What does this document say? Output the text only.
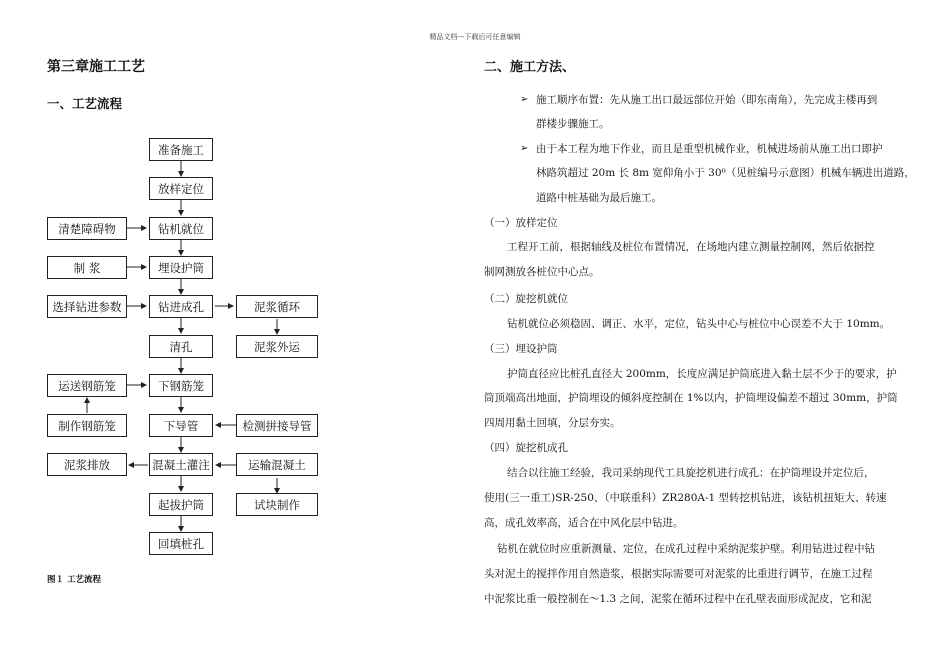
精品文档---下载后可任意编辑
第三章施工工艺
一、工艺流程
二、施工方法、
准备施工
放样定位
钻机就位
埋设护筒
钻进成孔
清孔
下钢筋笼
下导管
混凝土灌注
起拔护筒
回填桩孔
清楚障碍物
制 浆
选择钻进参数
运送钢筋笼
制作钢筋笼
泥浆排放
泥浆循环
泥浆外运
检测拼接导管
运输混凝土
试块制作
图１ 工艺流程
➢ 施工顺序布置：先从施工出口最远部位开始（即东南角），先完成主楼再到
群楼步骤施工。
➢ 由于本工程为地下作业，而且是重型机械作业，机械进场前从施工出口即护
林路筑超过 20m 长 8m 宽仰角小于 30⁰（见桩编号示意图）机械车辆进出道路，
道路中桩基础为最后施工。
（一）放样定位
工程开工前，根据轴线及桩位布置情况，在场地内建立测量控制网，然后依据控
制网测放各桩位中心点。
（二）旋挖机就位
钻机就位必须稳固、调正、水平，定位，钻头中心与桩位中心误差不大于 10mm。
（三）埋设护筒
护筒直径应比桩孔直径大 200mm，长度应满足护筒底进入黏土层不少于的要求，护
筒顶端高出地面，护筒埋设的倾斜度控制在 1%以内，护筒埋设偏差不超过 30mm，护筒
四周用黏土回填，分层夯实。
（四）旋挖机成孔
结合以往施工经验，我司采纳现代工具旋挖机进行成孔：在护筒埋设并定位后，
使用(三一重工)SR-250、（中联重科）ZR280A-1 型转挖机钻进，该钻机扭矩大、转速
高，成孔效率高，适合在中风化层中钻进。
钻机在就位时应重新测量、定位，在成孔过程中采纳泥浆护壁。利用钻进过程中钻
头对泥土的搅拌作用自然造浆，根据实际需要可对泥浆的比重进行调节，在施工过程
中泥浆比重一般控制在～1.3 之间，泥浆在循环过程中在孔壁表面形成泥皮，它和泥
